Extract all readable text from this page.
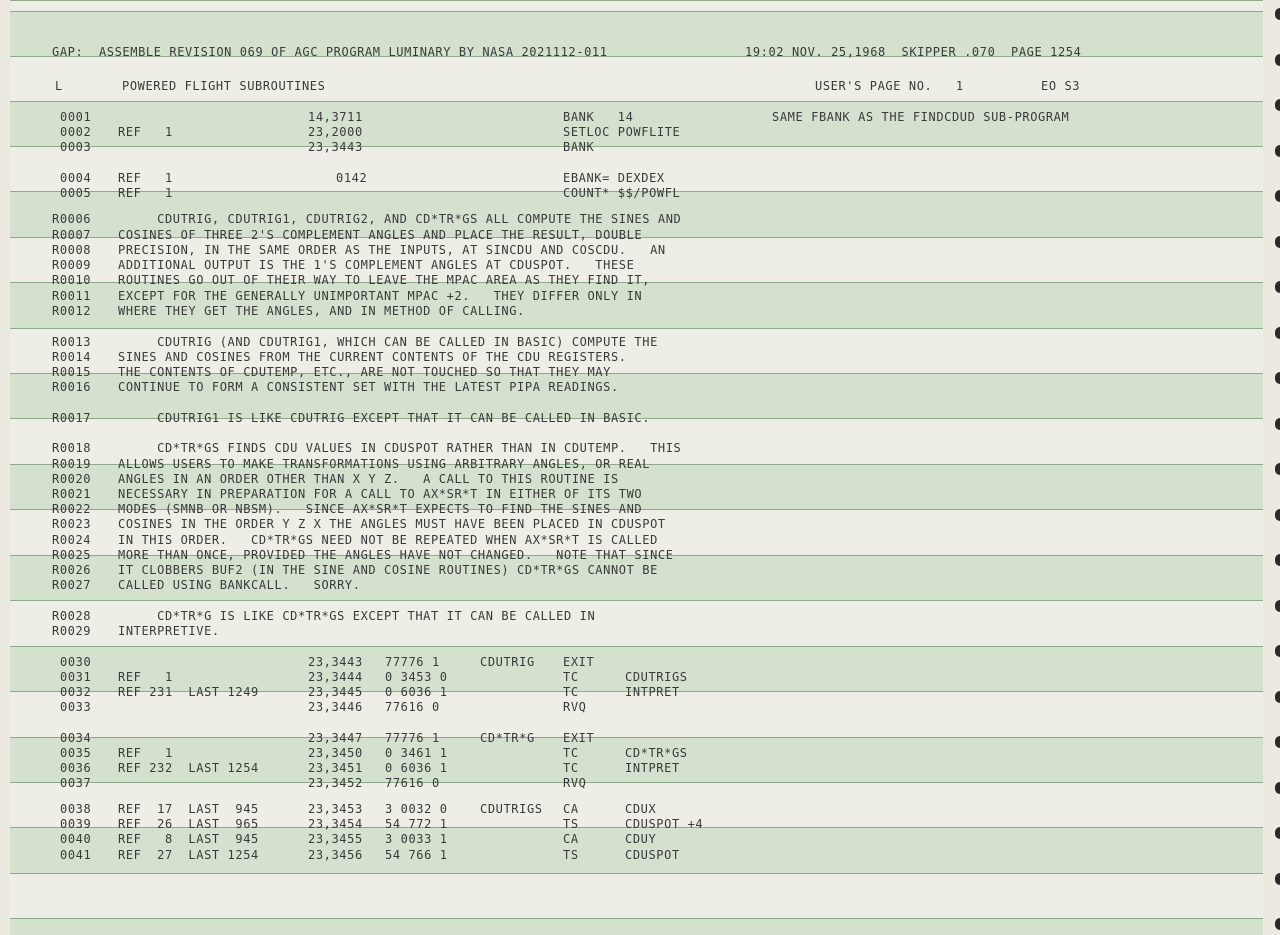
GAP:  ASSEMBLE REVISION 069 OF AGC PROGRAM LUMINARY BY NASA 2021112-011

	19:02 NOV. 25,1968  SKIPPER .070  PAGE 1254

L

	POWERED FLIGHT SUBROUTINES

	USER'S PAGE NO.   1

	EO S3

0001	14,3711	BANK   14	SAME FBANK AS THE FINDCDUD SUB-PROGRAM
0002 REF   1	23,2000	SETLOC POWFLITE
0003	23,3443	BANK
0004 REF   1	0142	EBANK= DEXDEX
0005 REF   1	COUNT* $$/POWFL
R0006 CDUTRIG, CDUTRIG1, CDUTRIG2, AND CD*TR*GS ALL COMPUTE THE SINES AND
R0007 COSINES OF THREE 2'S COMPLEMENT ANGLES AND PLACE THE RESULT, DOUBLE
R0008 PRECISION, IN THE SAME ORDER AS THE INPUTS, AT SINCDU AND COSCDU.   AN
R0009 ADDITIONAL OUTPUT IS THE 1'S COMPLEMENT ANGLES AT CDUSPOT.   THESE
R0010 ROUTINES GO OUT OF THEIR WAY TO LEAVE THE MPAC AREA AS THEY FIND IT,
R0011 EXCEPT FOR THE GENERALLY UNIMPORTANT MPAC +2.   THEY DIFFER ONLY IN
R0012 WHERE THEY GET THE ANGLES, AND IN METHOD OF CALLING.
R0013 CDUTRIG (AND CDUTRIG1, WHICH CAN BE CALLED IN BASIC) COMPUTE THE
R0014 SINES AND COSINES FROM THE CURRENT CONTENTS OF THE CDU REGISTERS.
R0015 THE CONTENTS OF CDUTEMP, ETC., ARE NOT TOUCHED SO THAT THEY MAY
R0016 CONTINUE TO FORM A CONSISTENT SET WITH THE LATEST PIPA READINGS.
R0017 CDUTRIG1 IS LIKE CDUTRIG EXCEPT THAT IT CAN BE CALLED IN BASIC.
R0018 CD*TR*GS FINDS CDU VALUES IN CDUSPOT RATHER THAN IN CDUTEMP.   THIS
R0019 ALLOWS USERS TO MAKE TRANSFORMATIONS USING ARBITRARY ANGLES, OR REAL
R0020 ANGLES IN AN ORDER OTHER THAN X Y Z.   A CALL TO THIS ROUTINE IS
R0021 NECESSARY IN PREPARATION FOR A CALL TO AX*SR*T IN EITHER OF ITS TWO
R0022 MODES (SMNB OR NBSM).   SINCE AX*SR*T EXPECTS TO FIND THE SINES AND
R0023 COSINES IN THE ORDER Y Z X THE ANGLES MUST HAVE BEEN PLACED IN CDUSPOT
R0024 IN THIS ORDER.   CD*TR*GS NEED NOT BE REPEATED WHEN AX*SR*T IS CALLED
R0025 MORE THAN ONCE, PROVIDED THE ANGLES HAVE NOT CHANGED.   NOTE THAT SINCE
R0026 IT CLOBBERS BUF2 (IN THE SINE AND COSINE ROUTINES) CD*TR*GS CANNOT BE
R0027 CALLED USING BANKCALL.   SORRY.
R0028 CD*TR*G IS LIKE CD*TR*GS EXCEPT THAT IT CAN BE CALLED IN
R0029 INTERPRETIVE.
0030	23,3443 77776 1	CDUTRIG EXIT
0031 REF   1	23,3444 0 3453 0	TC	CDUTRIGS
0032 REF 231  LAST 1249	23,3445 0 6036 1	TC	INTPRET
0033	23,3446 77616 0	RVQ
0034	23,3447 77776 1	CD*TR*G EXIT
0035 REF   1	23,3450 0 3461 1	TC	CD*TR*GS
0036 REF 232  LAST 1254	23,3451 0 6036 1	TC	INTPRET
0037	23,3452 77616 0	RVQ
0038 REF  17  LAST  945	23,3453 3 0032 0	CDUTRIGS CA	CDUX
0039 REF  26  LAST  965	23,3454 54 772 1	TS	CDUSPOT +4
0040 REF   8  LAST  945	23,3455 3 0033 1	CA	CDUY
0041 REF  27  LAST 1254	23,3456 54 766 1	TS	CDUSPOT
